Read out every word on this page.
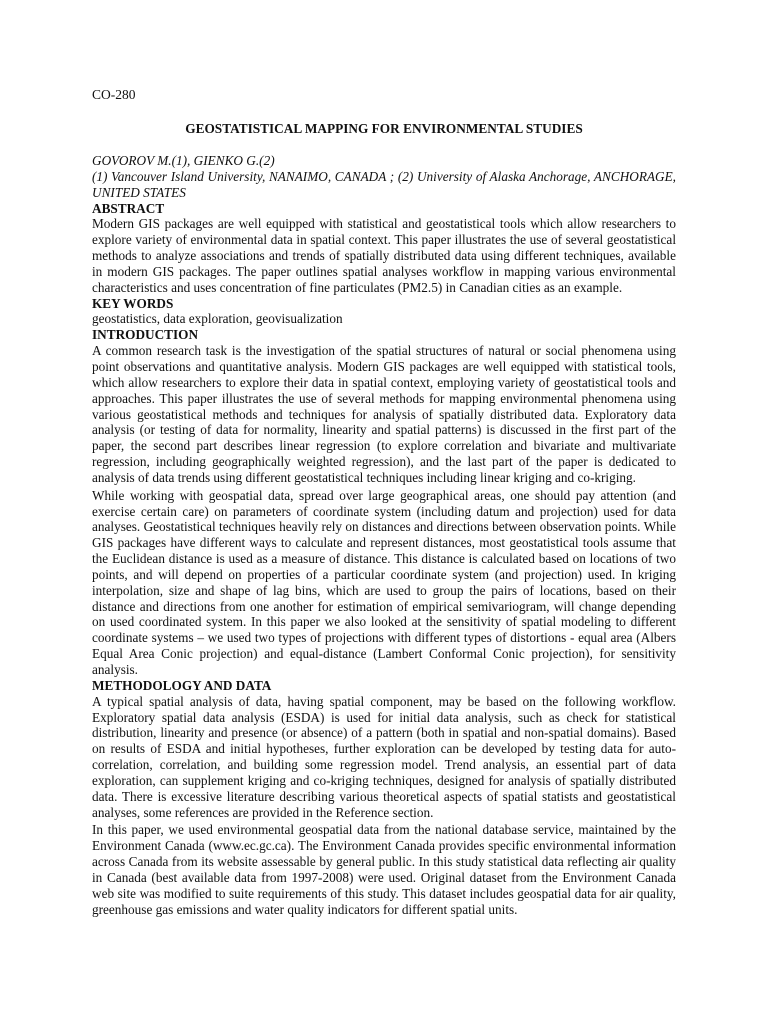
CO-280
GEOSTATISTICAL MAPPING FOR ENVIRONMENTAL STUDIES

GOVOROV M.(1), GIENKO G.(2)

(1) Vancouver Island University, NANAIMO, CANADA ; (2) University of Alaska Anchorage, ANCHORAGE, UNITED STATES

ABSTRACT

Modern GIS packages are well equipped with statistical and geostatistical tools which allow researchers to explore variety of environmental data in spatial context. This paper illustrates the use of several geostatistical methods to analyze associations and trends of spatially distributed data using different techniques, available in modern GIS packages. The paper outlines spatial analyses workflow in mapping various environmental characteristics and uses concentration of fine particulates (PM2.5) in Canadian cities as an example.

KEY WORDS

geostatistics, data exploration, geovisualization

INTRODUCTION

A common research task is the investigation of the spatial structures of natural or social phenomena using point observations and quantitative analysis. Modern GIS packages are well equipped with statistical tools, which allow researchers to explore their data in spatial context, employing variety of geostatistical tools and approaches. This paper illustrates the use of several methods for mapping environmental phenomena using various geostatistical methods and techniques for analysis of spatially distributed data. Exploratory data analysis (or testing of data for normality, linearity and spatial patterns) is discussed in the first part of the paper, the second part describes linear regression (to explore correlation and bivariate and multivariate regression, including geographically weighted regression), and the last part of the paper is dedicated to analysis of data trends using different geostatistical techniques including linear kriging and co-kriging.

While working with geospatial data, spread over large geographical areas, one should pay attention (and exercise certain care) on parameters of coordinate system (including datum and projection) used for data analyses. Geostatistical techniques heavily rely on distances and directions between observation points. While GIS packages have different ways to calculate and represent distances, most geostatistical tools assume that the Euclidean distance is used as a measure of distance. This distance is calculated based on locations of two points, and will depend on properties of a particular coordinate system (and projection) used. In kriging interpolation, size and shape of lag bins, which are used to group the pairs of locations, based on their distance and directions from one another for estimation of empirical semivariogram, will change depending on used coordinated system. In this paper we also looked at the sensitivity of spatial modeling to different coordinate systems – we used two types of projections with different types of distortions - equal area (Albers Equal Area Conic projection) and equal-distance (Lambert Conformal Conic projection), for sensitivity analysis.

METHODOLOGY AND DATA

A typical spatial analysis of data, having spatial component, may be based on the following workflow. Exploratory spatial data analysis (ESDA) is used for initial data analysis, such as check for statistical distribution, linearity and presence (or absence) of a pattern (both in spatial and non-spatial domains). Based on results of ESDA and initial hypotheses, further exploration can be developed by testing data for auto-correlation, correlation, and building some regression model. Trend analysis, an essential part of data exploration, can supplement kriging and co-kriging techniques, designed for analysis of spatially distributed data. There is excessive literature describing various theoretical aspects of spatial statists and geostatistical analyses, some references are provided in the Reference section.

In this paper, we used environmental geospatial data from the national database service, maintained by the Environment Canada (www.ec.gc.ca). The Environment Canada provides specific environmental information across Canada from its website assessable by general public. In this study statistical data reflecting air quality in Canada (best available data from 1997-2008) were used. Original dataset from the Environment Canada web site was modified to suite requirements of this study. This dataset includes geospatial data for air quality, greenhouse gas emissions and water quality indicators for different spatial units.
